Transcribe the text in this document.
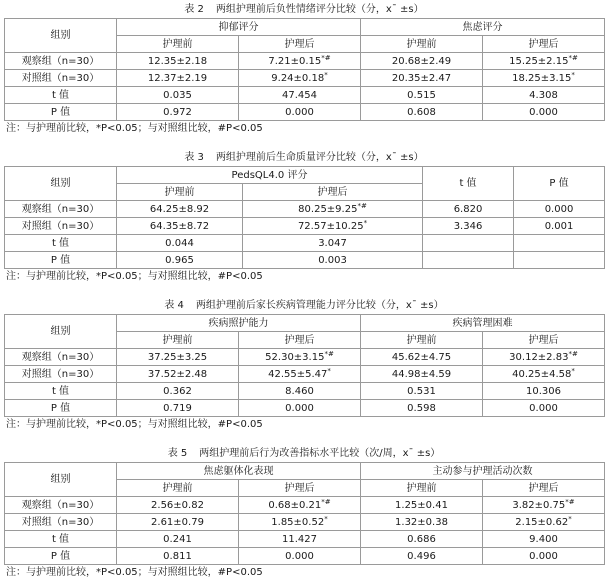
表 2 两组护理前后负性情绪评分比较（分，x¯ ±s）
组别	抑郁评分		焦虑评分	
	护理前	护理后	护理前	护理后
观察组（n=30）	12.35±2.18	7.21±0.15*#	20.68±2.49	15.25±2.15*#
对照组（n=30）	12.37±2.19	9.24±0.18*	20.35±2.47	18.25±3.15*
t 值	0.035	47.454	0.515	4.308
P 值	0.972	0.000	0.608	0.000
注：与护理前比较，*P<0.05；与对照组比较，#P<0.05
表 3 两组护理前后生命质量评分比较（分，x¯ ±s）
组别	PedsQL4.0 评分		t 值	P 值
	护理前	护理后		
观察组（n=30）	64.25±8.92	80.25±9.25*#	6.820	0.000
对照组（n=30）	64.35±8.72	72.57±10.25*	3.346	0.001
t 值	0.044	3.047		
P 值	0.965	0.003		
注：与护理前比较，*P<0.05；与对照组比较，#P<0.05
表 4 两组护理前后家长疾病管理能力评分比较（分，x¯ ±s）
组别	疾病照护能力		疾病管理困难	
	护理前	护理后	护理前	护理后
观察组（n=30）	37.25±3.25	52.30±3.15*#	45.62±4.75	30.12±2.83*#
对照组（n=30）	37.52±2.48	42.55±5.47*	44.98±4.59	40.25±4.58*
t 值	0.362	8.460	0.531	10.306
P 值	0.719	0.000	0.598	0.000
注：与护理前比较，*P<0.05；与对照组比较，#P<0.05
表 5 两组护理前后行为改善指标水平比较（次/周，x¯ ±s）
组别	焦虑躯体化表现		主动参与护理活动次数	
	护理前	护理后	护理前	护理后
观察组（n=30）	2.56±0.82	0.68±0.21*#	1.25±0.41	3.82±0.75*#
对照组（n=30）	2.61±0.79	1.85±0.52*	1.32±0.38	2.15±0.62*
t 值	0.241	11.427	0.686	9.400
P 值	0.811	0.000	0.496	0.000
注：与护理前比较，*P<0.05；与对照组比较，#P<0.05
